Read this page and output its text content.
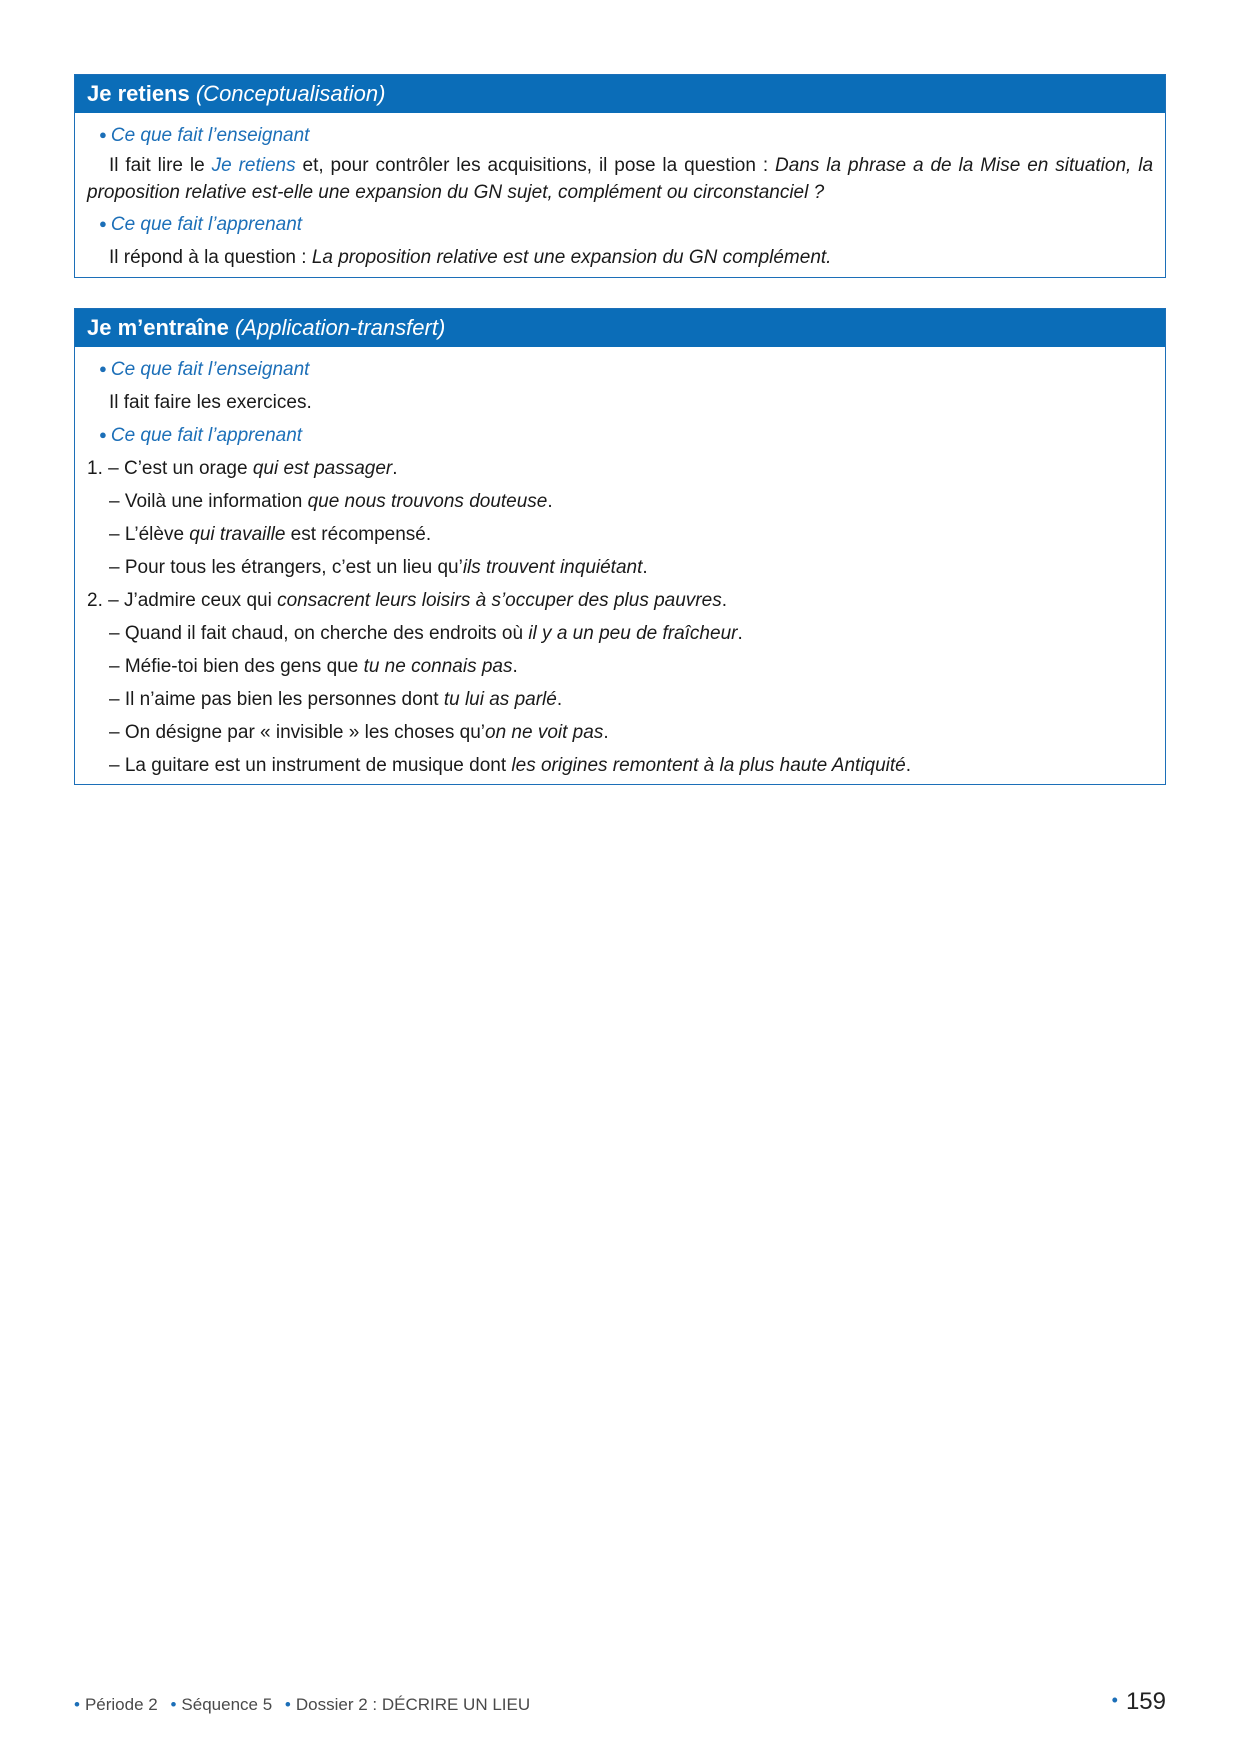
Je retiens (Conceptualisation)
● Ce que fait l’enseignant

Il fait lire le Je retiens et, pour contrôler les acquisitions, il pose la question : Dans la phrase a de la Mise en situation, la proposition relative est-elle une expansion du GN sujet, complément ou circonstanciel ?

● Ce que fait l’apprenant
Il répond à la question : La proposition relative est une expansion du GN complément.
Je m’entraîne (Application-transfert)
● Ce que fait l’enseignant
Il fait faire les exercices.
● Ce que fait l’apprenant
1. – C’est un orage qui est passager.
– Voilà une information que nous trouvons douteuse.
– L’élève qui travaille est récompensé.
– Pour tous les étrangers, c’est un lieu qu’ils trouvent inquiétant.
2. – J’admire ceux qui consacrent leurs loisirs à s’occuper des plus pauvres.
– Quand il fait chaud, on cherche des endroits où il y a un peu de fraîcheur.
– Méfie-toi bien des gens que tu ne connais pas.
– Il n’aime pas bien les personnes dont tu lui as parlé.
– On désigne par « invisible » les choses qu’on ne voit pas.
– La guitare est un instrument de musique dont les origines remontent à la plus haute Antiquité.
• Période 2 • Séquence 5 • Dossier 2 : DÉCRIRE UN LIEU	• 159
